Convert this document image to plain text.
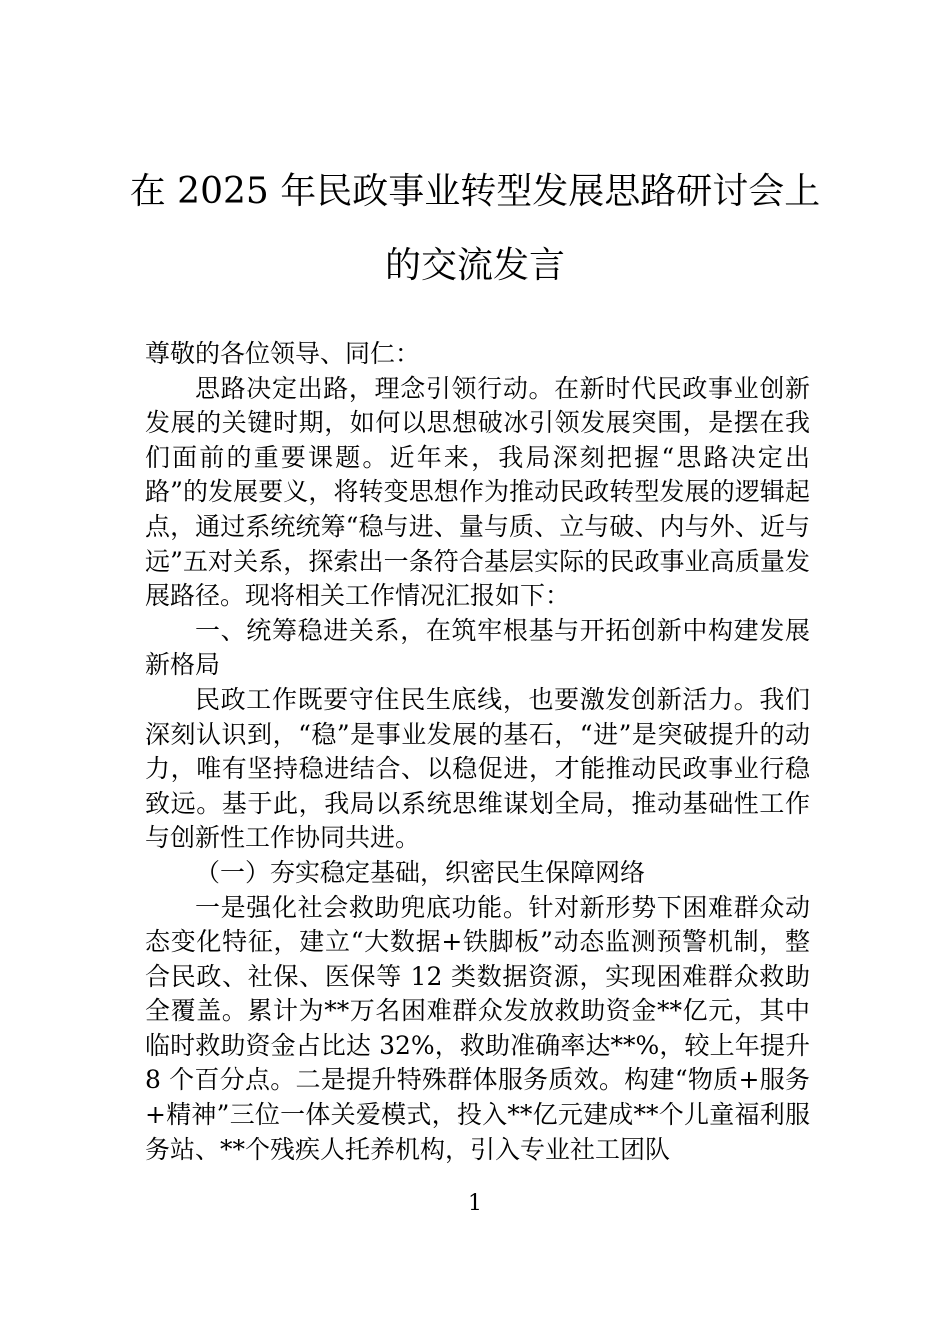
在 2025 年民政事业转型发展思路研讨会上
的交流发言

尊敬的各位领导、同仁：

思路决定出路，理念引领行动。在新时代民政事业创新发展的关键时期，如何以思想破冰引领发展突围，是摆在我们面前的重要课题。近年来，我局深刻把握“思路决定出路”的发展要义，将转变思想作为推动民政转型发展的逻辑起点，通过系统统筹“稳与进、量与质、立与破、内与外、近与远”五对关系，探索出一条符合基层实际的民政事业高质量发展路径。现将相关工作情况汇报如下：

一、统筹稳进关系，在筑牢根基与开拓创新中构建发展新格局

民政工作既要守住民生底线，也要激发创新活力。我们深刻认识到，“稳”是事业发展的基石，“进”是突破提升的动力，唯有坚持稳进结合、以稳促进，才能推动民政事业行稳致远。基于此，我局以系统思维谋划全局，推动基础性工作与创新性工作协同共进。

（一）夯实稳定基础，织密民生保障网络

一是强化社会救助兜底功能。针对新形势下困难群众动态变化特征，建立“大数据+铁脚板”动态监测预警机制，整合民政、社保、医保等 12 类数据资源，实现困难群众救助全覆盖。累计为**万名困难群众发放救助资金**亿元，其中临时救助资金占比达 32%，救助准确率达**%，较上年提升 8 个百分点。二是提升特殊群体服务质效。构建“物质+服务+精神”三位一体关爱模式，投入**亿元建成**个儿童福利服务站、**个残疾人托养机构，引入专业社工团队

1
